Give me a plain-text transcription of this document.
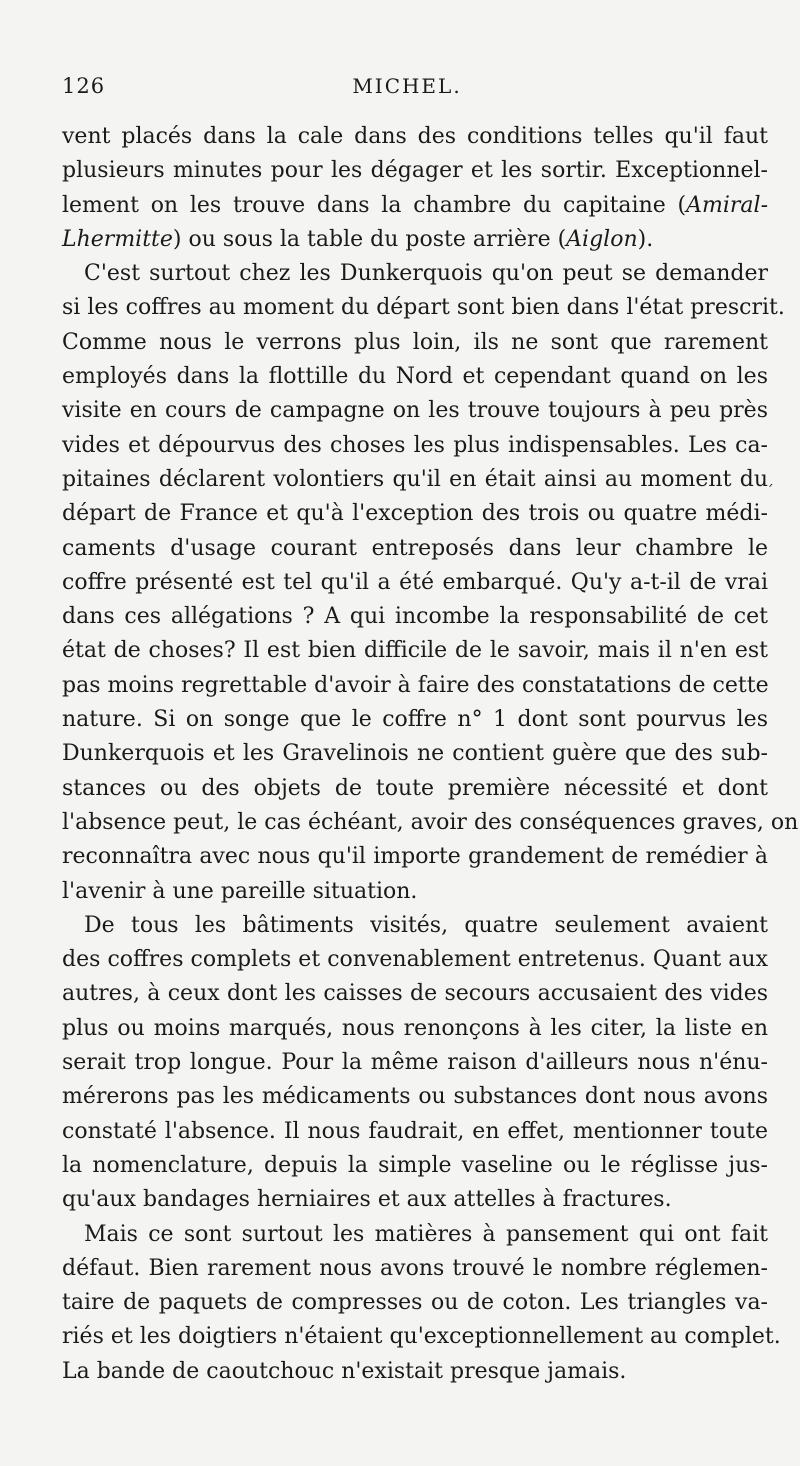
126	MICHEL.
vent placés dans la cale dans des conditions telles qu'il faut
plusieurs minutes pour les dégager et les sortir. Exceptionnel-
lement on les trouve dans la chambre du capitaine (Amiral-
Lhermitte) ou sous la table du poste arrière (Aiglon).
C'est surtout chez les Dunkerquois qu'on peut se demander
si les coffres au moment du départ sont bien dans l'état prescrit.
Comme nous le verrons plus loin, ils ne sont que rarement
employés dans la flottille du Nord et cependant quand on les
visite en cours de campagne on les trouve toujours à peu près
vides et dépourvus des choses les plus indispensables. Les ca-
pitaines déclarent volontiers qu'il en était ainsi au moment du
départ de France et qu'à l'exception des trois ou quatre médi-
caments d'usage courant entreposés dans leur chambre le
coffre présenté est tel qu'il a été embarqué. Qu'y a-t-il de vrai
dans ces allégations ? A qui incombe la responsabilité de cet
état de choses? Il est bien difficile de le savoir, mais il n'en est
pas moins regrettable d'avoir à faire des constatations de cette
nature. Si on songe que le coffre n° 1 dont sont pourvus les
Dunkerquois et les Gravelinois ne contient guère que des sub-
stances ou des objets de toute première nécessité et dont
l'absence peut, le cas échéant, avoir des conséquences graves, on
reconnaîtra avec nous qu'il importe grandement de remédier à
l'avenir à une pareille situation.
De tous les bâtiments visités, quatre seulement avaient
des coffres complets et convenablement entretenus. Quant aux
autres, à ceux dont les caisses de secours accusaient des vides
plus ou moins marqués, nous renonçons à les citer, la liste en
serait trop longue. Pour la même raison d'ailleurs nous n'énu-
mérerons pas les médicaments ou substances dont nous avons
constaté l'absence. Il nous faudrait, en effet, mentionner toute
la nomenclature, depuis la simple vaseline ou le réglisse jus-
qu'aux bandages herniaires et aux attelles à fractures.
Mais ce sont surtout les matières à pansement qui ont fait
défaut. Bien rarement nous avons trouvé le nombre réglemen-
taire de paquets de compresses ou de coton. Les triangles va-
riés et les doigtiers n'étaient qu'exceptionnellement au complet.
La bande de caoutchouc n'existait presque jamais.
´
